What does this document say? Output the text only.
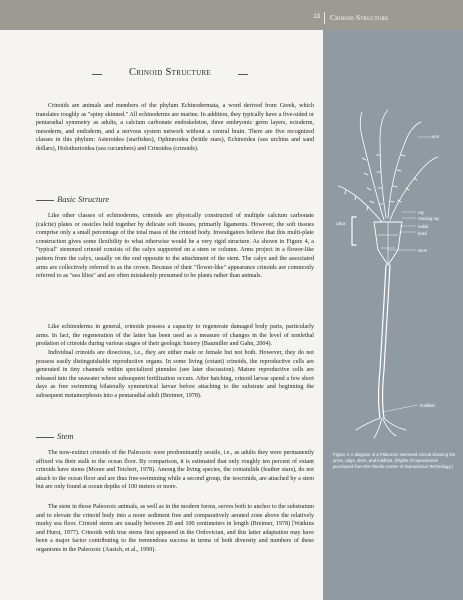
13 Crinoid Structure
Crinoid Structure

Crinoids are animals and members of the phylum Echinodermata, a word derived from Greek, which translates roughly as "spiny skinned." All echinoderms are marine. In addition, they typically have a five-sided or pentaradial symmetry as adults, a calcium carbonate endoskeleton, three embryonic germ layers, ectoderm, mesoderm, and endoderm, and a nervous system network without a central brain. There are five recognized classes in this phylum: Asteroidea (starfishes), Ophiuroidea (brittle stars), Echinoidea (sea urchins and sand dollars), Holothurioidea (sea cucumbers) and Crinoidea (crinoids).

Basic Structure

Like other classes of echinoderms, crinoids are physically constructed of multiple calcium carbonate (calcite) plates or ossicles held together by delicate soft tissues, primarily ligaments. However, the soft tissues comprise only a small percentage of the total mass of the crinoid body. Investigators believe that this multi-plate construction gives some flexibility to what otherwise would be a very rigid structure. As shown in Figure 4, a "typical" stemmed crinoid consists of the calyx supported on a stem or column. Arms project in a flower-like pattern from the calyx, usually on the end opposite to the attachment of the stem. The calyx and the associated arms are collectively referred to as the crown. Because of their "flower-like" appearance crinoids are commonly referred to as "sea lilies" and are often mistakenly presumed to be plants rather than animals.

Like echinoderms in general, crinoids possess a capacity to regenerate damaged body parts, particularly arms. In fact, the regeneration of the latter has been used as a measure of changes in the level of nonlethal predation of crinoids during various stages of their geologic history (Baumiller and Gahn, 2004).

Individual crinoids are dioecious, i.e., they are either male or female but not both. However, they do not possess easily distinguishable reproductive organs. In some living (extant) crinoids, the reproductive cells are generated in tiny channels within specialized pinnules (see later discussion). Mature reproductive cells are released into the seawater where subsequent fertilization occurs. After hatching, crinoid larvae spend a few short days as free swimming bilaterally symmetrical larvae before attaching to the substrate and beginning the subsequent metamorphosis into a pentaradial adult (Breimer, 1978).

Stem

The now-extinct crinoids of the Paleozoic were predominantly sessile, i.e., as adults they were permanently affixed via their stalk to the ocean floor. By comparison, it is estimated that only roughly ten percent of extant crinoids have stems (Moore and Teichert, 1978). Among the living species, the comatulids (feather stars), do not attach to the ocean floor and are thus free-swimming while a second group, the isocrinids, are attached by a stem but are only found at ocean depths of 100 meters or more.

The stem in those Paleozoic animals, as well as in the modern forms, serves both to anchor to the substratum and to elevate the crinoid body into a more sediment free and comparatively aerated zone above the relatively murky sea floor. Crinoid stems are usually between 20 and 100 centimeters in length (Breimer, 1978) [Watkins and Hurst, 1977). Crinoids with true stems first appeared in the Ordovician, and this latter adaptation may have been a major factor contributing to the tremendous success in terms of both diversity and numbers of these organisms in the Paleozoic (Ausich, et al., 1999).

arm
calyx
ray
missing ray
radial
basil
stem
holdfast
Figure 4. A diagram of a Paleozoic stemmed crinoid showing the arms, calyx, stem, and holdfast. (Rights of reproduction purchased from the Florida Center of Instructional Technology.)
